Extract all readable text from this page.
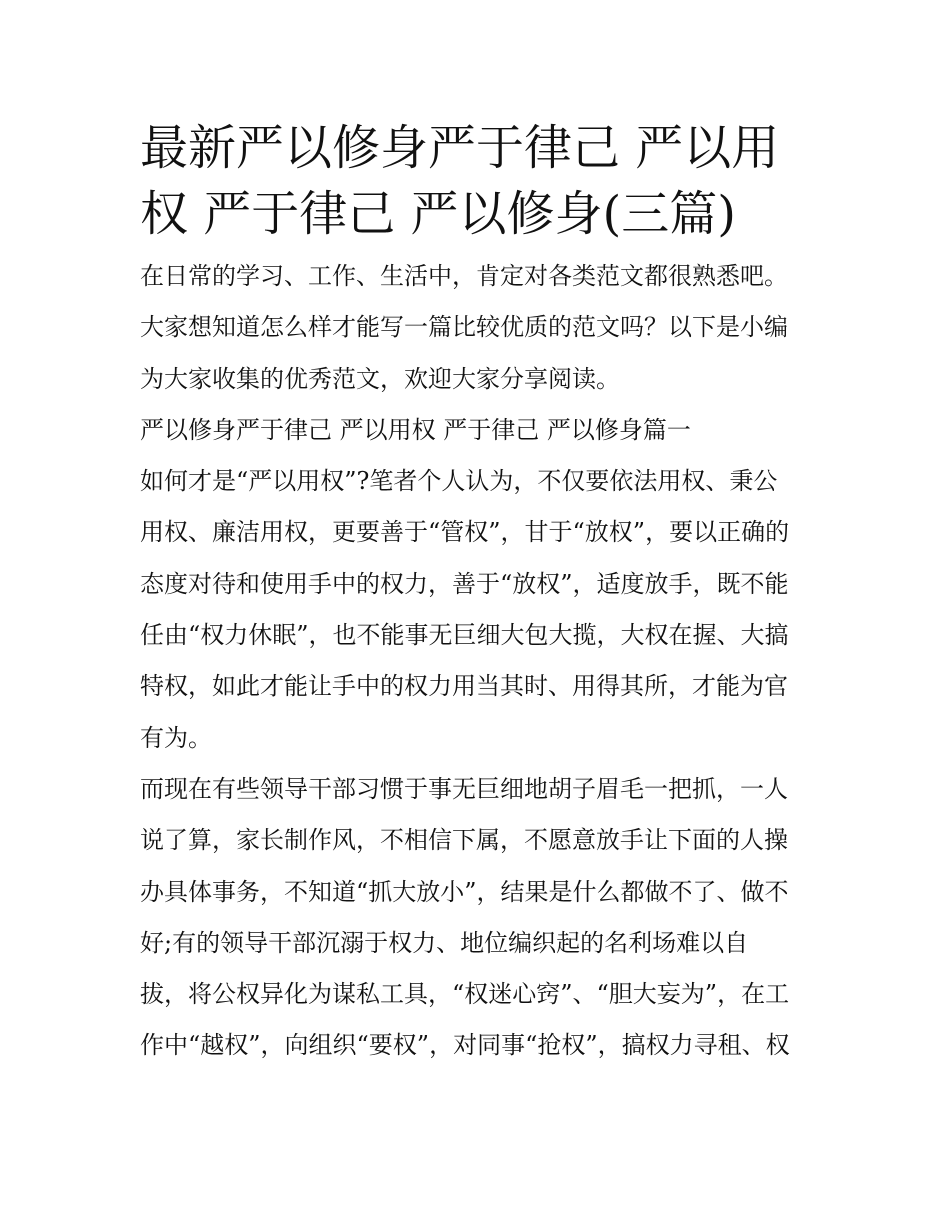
最新严以修身严于律己 严以用
权 严于律己 严以修身(三篇)
在日常的学习、工作、生活中，肯定对各类范文都很熟悉吧。
大家想知道怎么样才能写一篇比较优质的范文吗？以下是小编
为大家收集的优秀范文，欢迎大家分享阅读。
严以修身严于律己 严以用权 严于律己 严以修身篇一
如何才是“严以用权”?笔者个人认为，不仅要依法用权、秉公
用权、廉洁用权，更要善于“管权”，甘于“放权”，要以正确的
态度对待和使用手中的权力，善于“放权”，适度放手，既不能
任由“权力休眠”，也不能事无巨细大包大揽，大权在握、大搞
特权，如此才能让手中的权力用当其时、用得其所，才能为官
有为。
而现在有些领导干部习惯于事无巨细地胡子眉毛一把抓，一人
说了算，家长制作风，不相信下属，不愿意放手让下面的人操
办具体事务，不知道“抓大放小”，结果是什么都做不了、做不
好;有的领导干部沉溺于权力、地位编织起的名利场难以自
拔，将公权异化为谋私工具，“权迷心窍”、“胆大妄为”，在工
作中“越权”，向组织“要权”，对同事“抢权”，搞权力寻租、权
